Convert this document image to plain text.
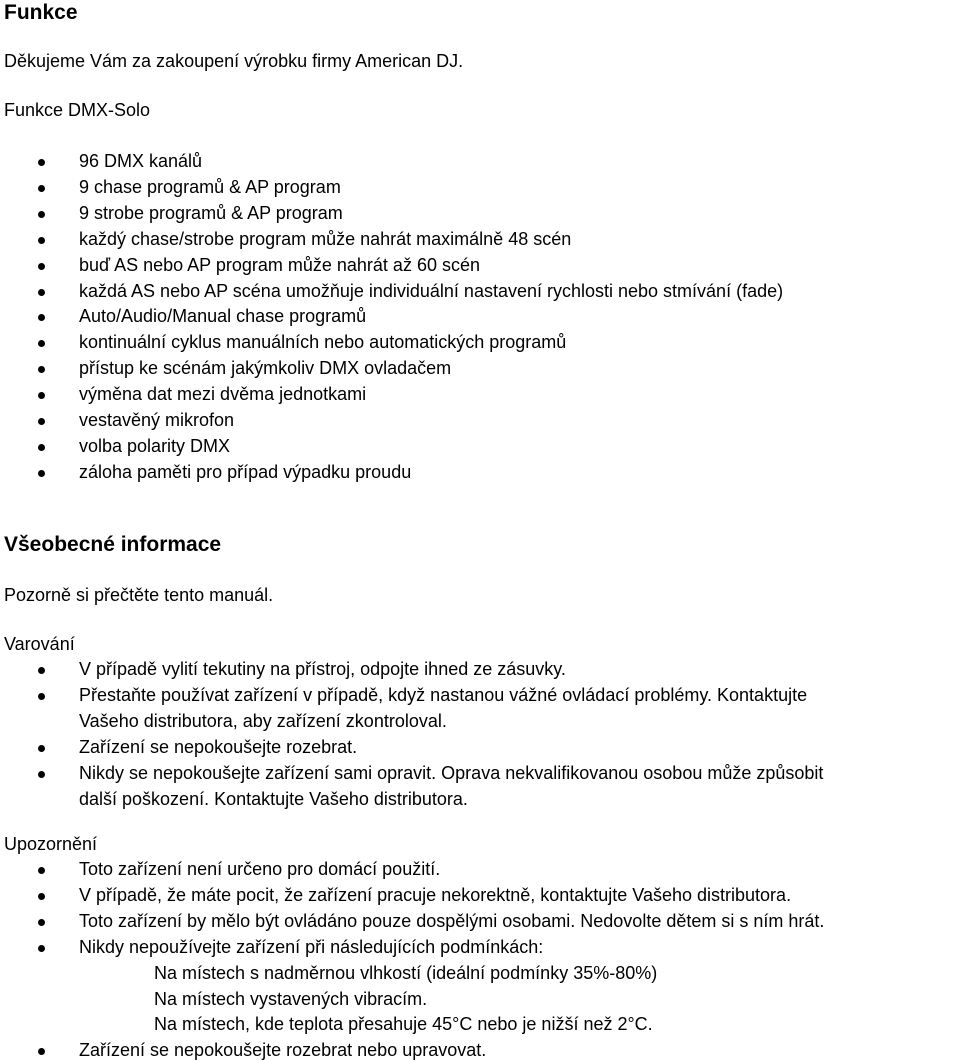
Funkce

Děkujeme Vám za zakoupení výrobku firmy American DJ.

Funkce DMX-Solo

96 DMX kanálů
9 chase programů & AP program
9 strobe programů & AP program
každý chase/strobe program může nahrát maximálně 48 scén
buď AS nebo AP program může nahrát až 60 scén
každá AS nebo AP scéna umožňuje individuální nastavení rychlosti nebo stmívání (fade)
Auto/Audio/Manual chase programů
kontinuální cyklus manuálních nebo automatických programů
přístup ke scénám jakýmkoliv DMX ovladačem
výměna dat mezi dvěma jednotkami
vestavěný mikrofon
volba polarity DMX
záloha paměti pro případ výpadku proudu
Všeobecné informace

Pozorně si přečtěte tento manuál.

Varování

V případě vylití tekutiny na přístroj, odpojte ihned ze zásuvky.
Přestaňte používat zařízení v případě, když nastanou vážné ovládací problémy. Kontaktujte
Vašeho distributora, aby zařízení zkontroloval.
Zařízení se nepokoušejte rozebrat.
Nikdy se nepokoušejte zařízení sami opravit. Oprava nekvalifikovanou osobou může způsobit
další poškození. Kontaktujte Vašeho distributora.

Upozornění

Toto zařízení není určeno pro domácí použití.
V případě, že máte pocit, že zařízení pracuje nekorektně, kontaktujte Vašeho distributora.
Toto zařízení by mělo být ovládáno pouze dospělými osobami. Nedovolte dětem si s ním hrát.
Nikdy nepoužívejte zařízení při následujících podmínkách:
Na místech s nadměrnou vlhkostí (ideální podmínky 35%-80%)
Na místech vystavených vibracím.
Na místech, kde teplota přesahuje 45°C nebo je nižší než 2°C.
Zařízení se nepokoušejte rozebrat nebo upravovat.
